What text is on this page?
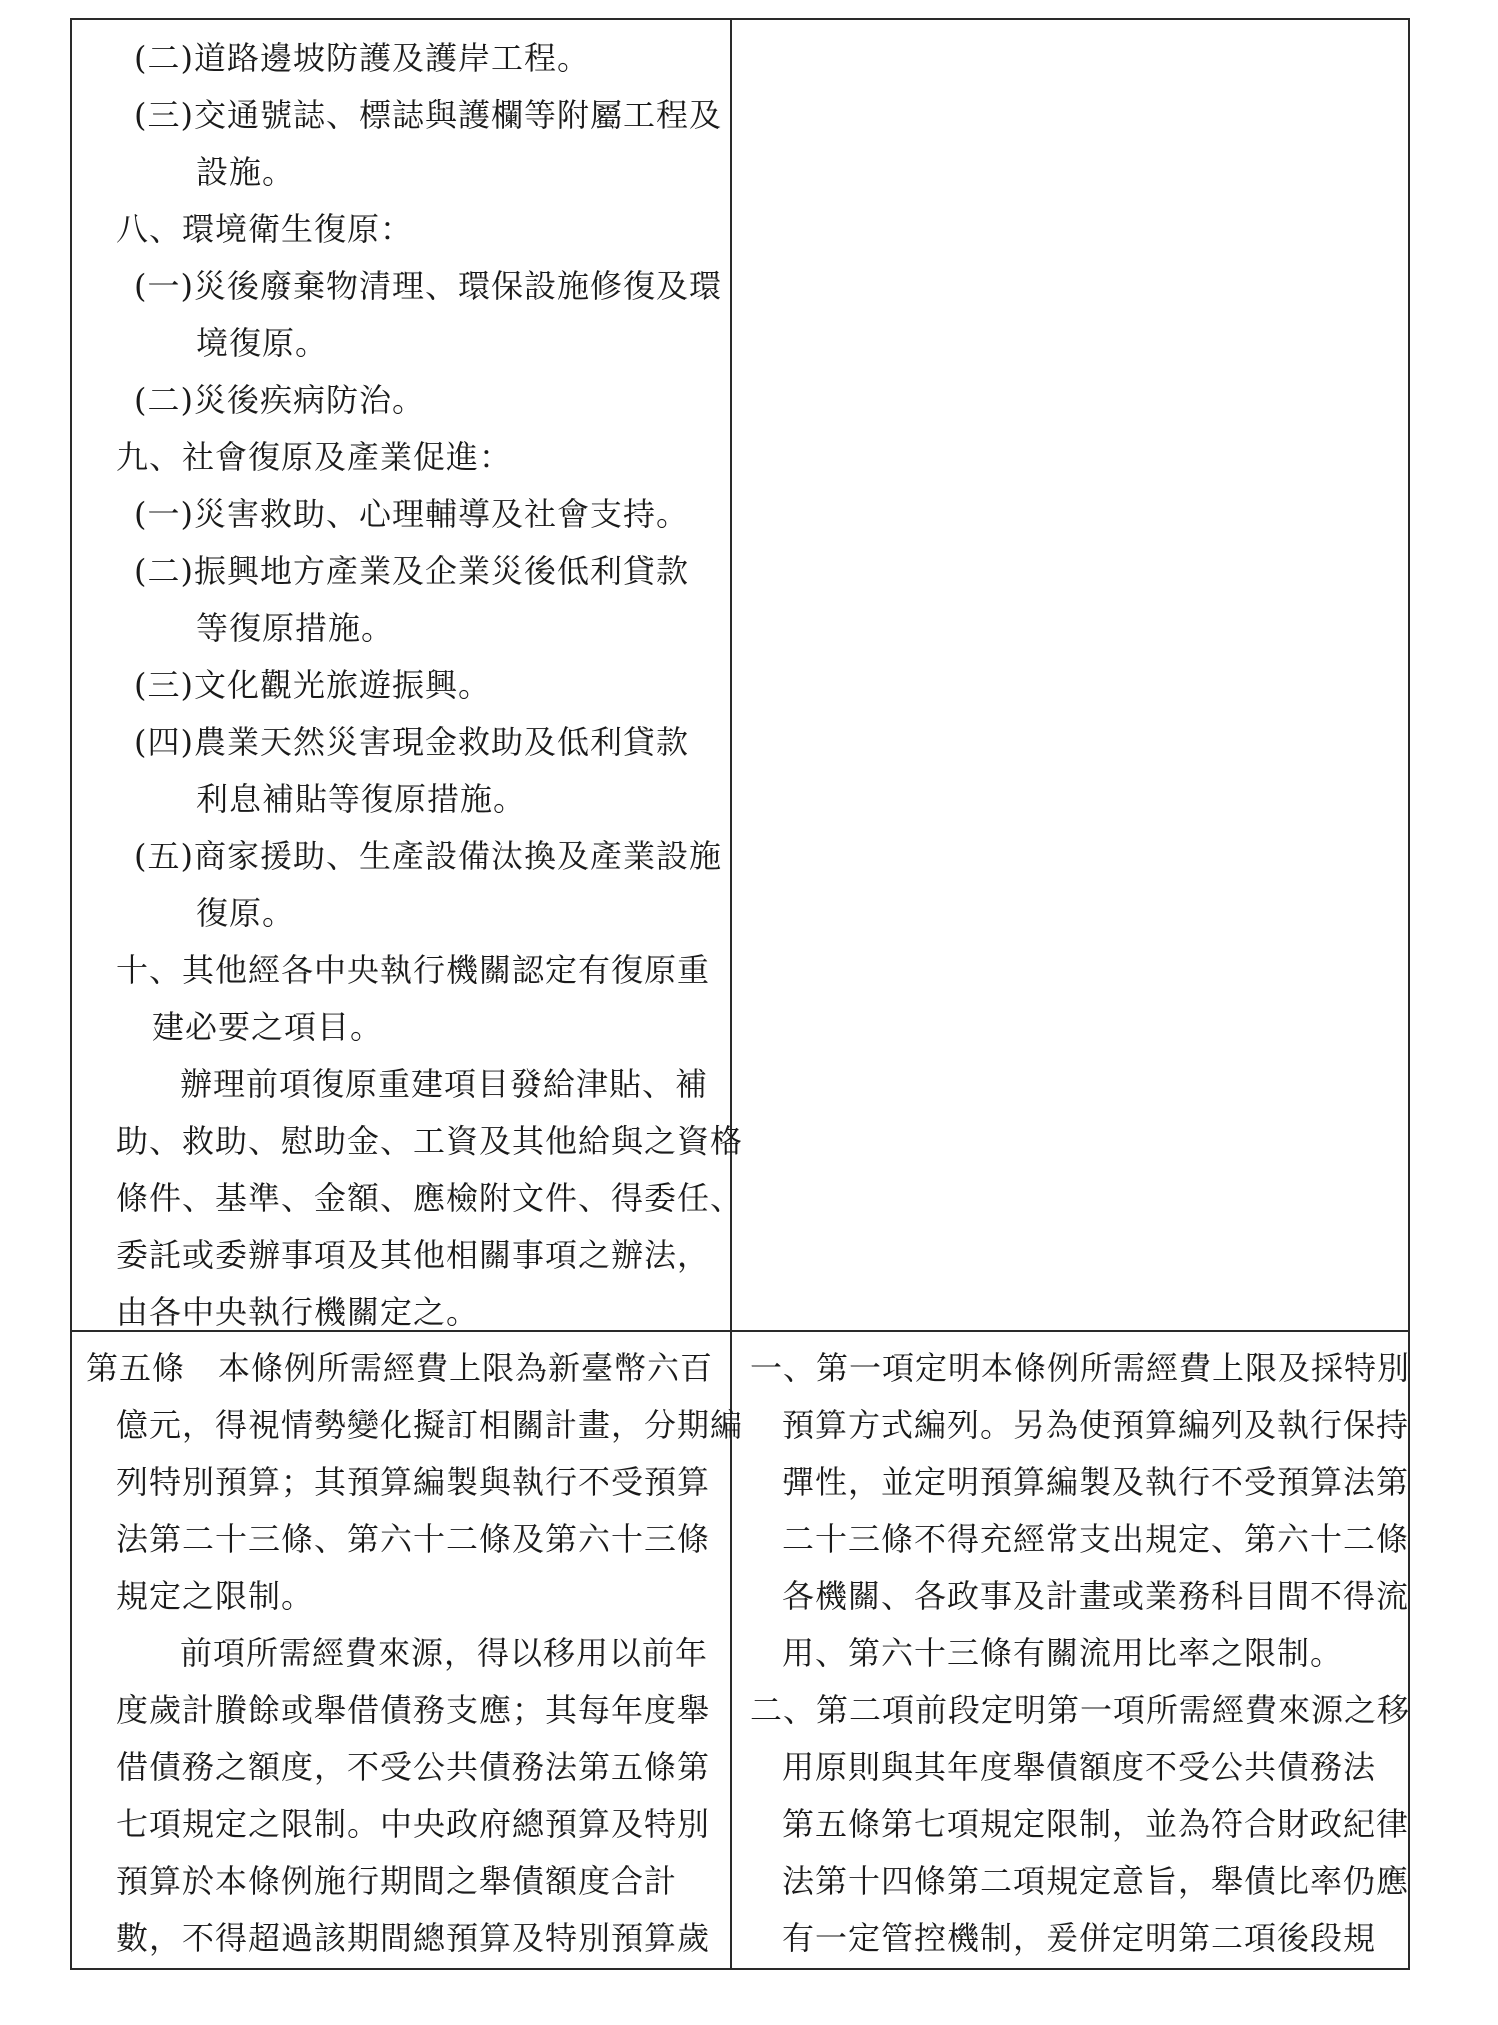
(二)道路邊坡防護及護岸工程。
(三)交通號誌、標誌與護欄等附屬工程及
設施。
八、環境衛生復原：
(一)災後廢棄物清理、環保設施修復及環
境復原。
(二)災後疾病防治。
九、社會復原及產業促進：
(一)災害救助、心理輔導及社會支持。
(二)振興地方產業及企業災後低利貸款
等復原措施。
(三)文化觀光旅遊振興。
(四)農業天然災害現金救助及低利貸款
利息補貼等復原措施。
(五)商家援助、生產設備汰換及產業設施
復原。
十、其他經各中央執行機關認定有復原重
建必要之項目。
辦理前項復原重建項目發給津貼、補
助、救助、慰助金、工資及其他給與之資格
條件、基準、金額、應檢附文件、得委任、
委託或委辦事項及其他相關事項之辦法，
由各中央執行機關定之。
第五條　本條例所需經費上限為新臺幣六百
億元，得視情勢變化擬訂相關計畫，分期編
列特別預算；其預算編製與執行不受預算
法第二十三條、第六十二條及第六十三條
規定之限制。
前項所需經費來源，得以移用以前年
度歲計賸餘或舉借債務支應；其每年度舉
借債務之額度，不受公共債務法第五條第
七項規定之限制。中央政府總預算及特別
預算於本條例施行期間之舉債額度合計
數，不得超過該期間總預算及特別預算歲
一、第一項定明本條例所需經費上限及採特別
預算方式編列。另為使預算編列及執行保持
彈性，並定明預算編製及執行不受預算法第
二十三條不得充經常支出規定、第六十二條
各機關、各政事及計畫或業務科目間不得流
用、第六十三條有關流用比率之限制。
二、第二項前段定明第一項所需經費來源之移
用原則與其年度舉債額度不受公共債務法
第五條第七項規定限制，並為符合財政紀律
法第十四條第二項規定意旨，舉債比率仍應
有一定管控機制，爰併定明第二項後段規
